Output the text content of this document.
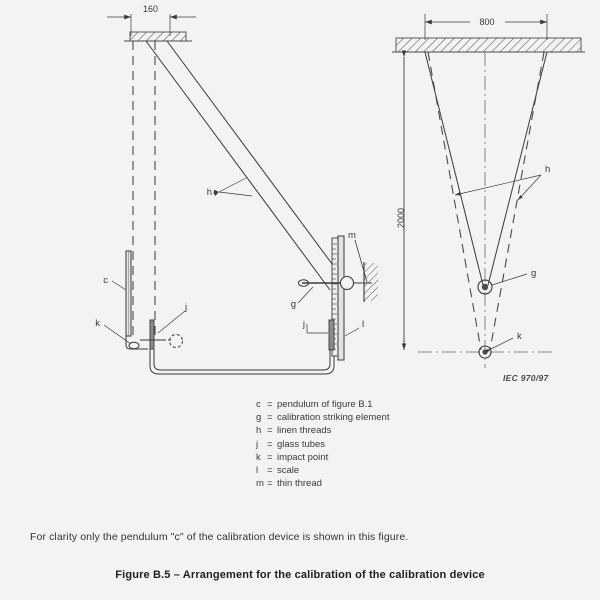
160
h
c
j
k	l
j
g
m
800
2000
h
g
k
IEC 970/97
c = pendulum of figure B.1
g = calibration striking element
h = linen threads
j = glass tubes
k = impact point
l = scale
m = thin thread
For clarity only the pendulum "c" of the calibration device is shown in this figure.
Figure B.5 – Arrangement for the calibration of the calibration device
